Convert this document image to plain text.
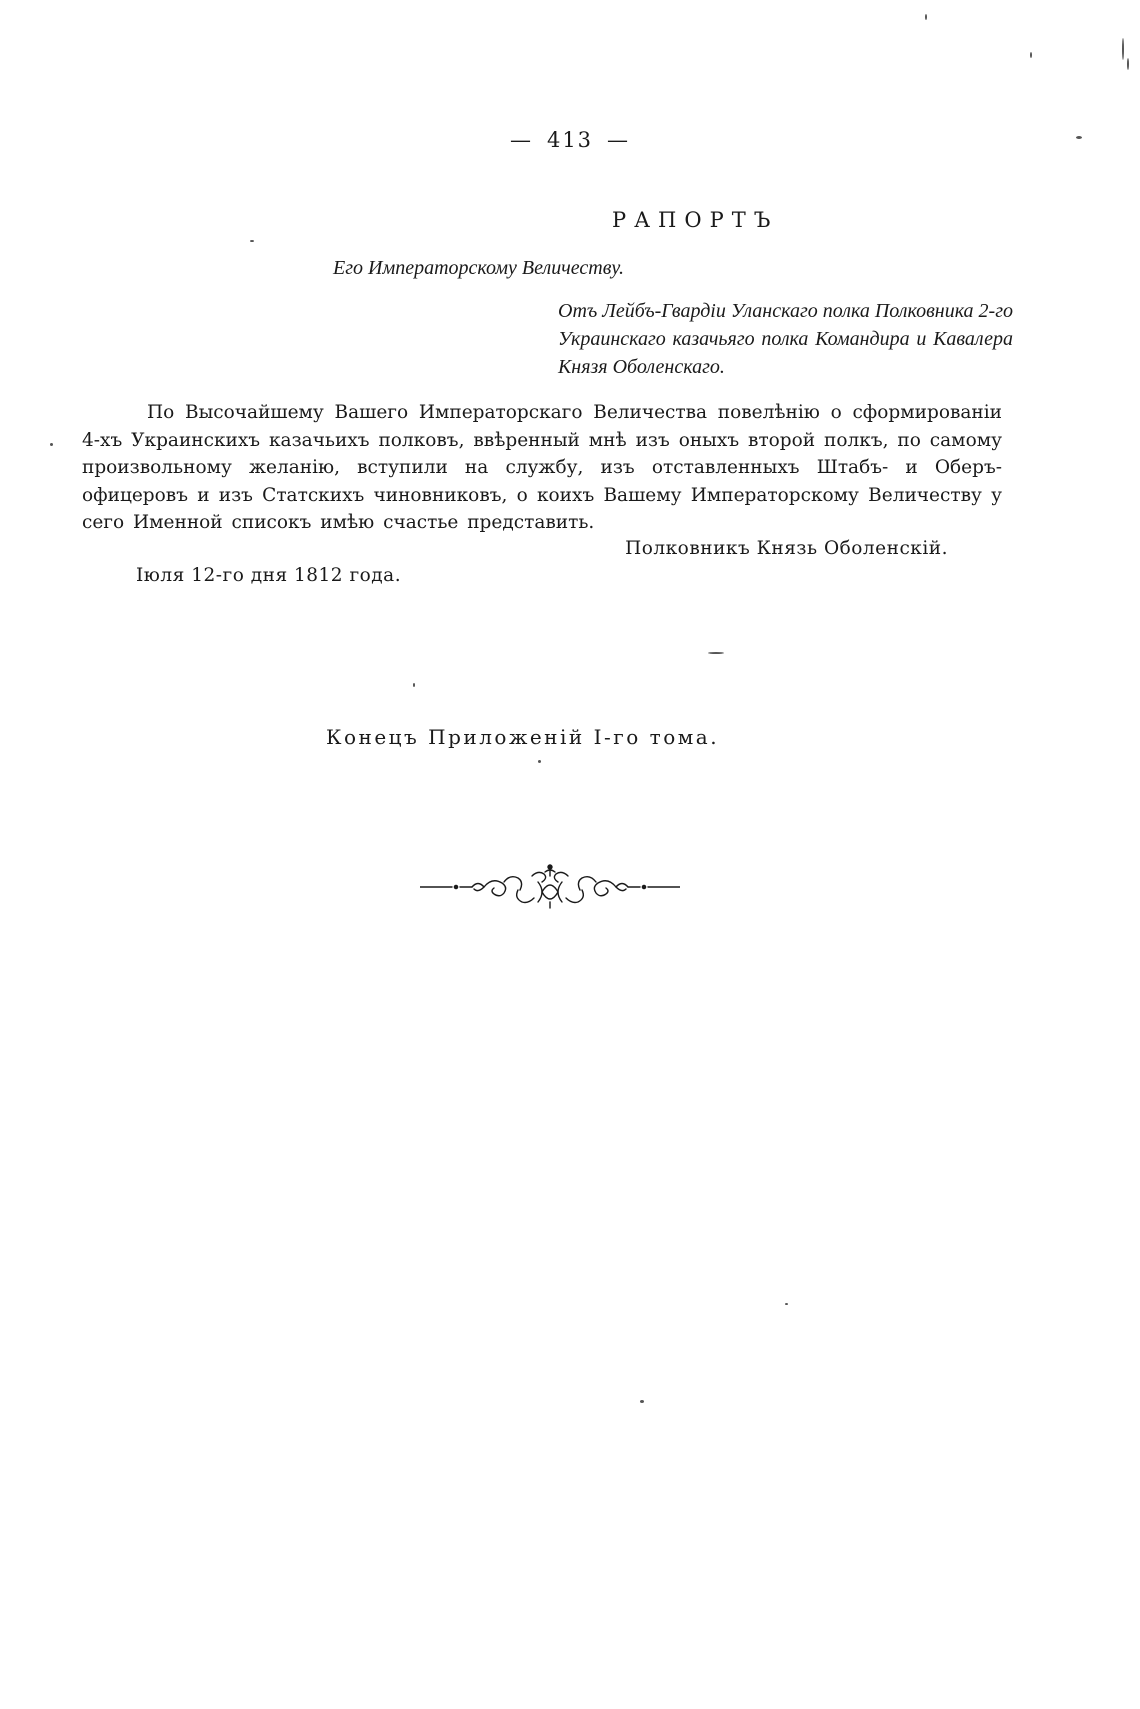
— 413 —
РАПОРТЪ
Его Императорскому Величеству.
Отъ Лейбъ-Гвардіи Уланскаго полка Полковника 2-го Украинскаго казачьяго полка Командира и Кавалера Князя Оболенскаго.
По Высочайшему Вашего Императорскаго Величества повелѣнію о сформированіи 4-хъ Украинскихъ казачьихъ полковъ, ввѣренный мнѣ изъ оныхъ второй полкъ, по самому произвольному желанію, вступили на службу, изъ отставленныхъ Штабъ- и Оберъ-офицеровъ и изъ Статскихъ чиновниковъ, о коихъ Вашему Императорскому Величеству у сего Именной списокъ имѣю счастье представить.
Полковникъ Князь Оболенскій.
Іюля 12-го дня 1812 года.
Конецъ Приложеній І-го тома.
